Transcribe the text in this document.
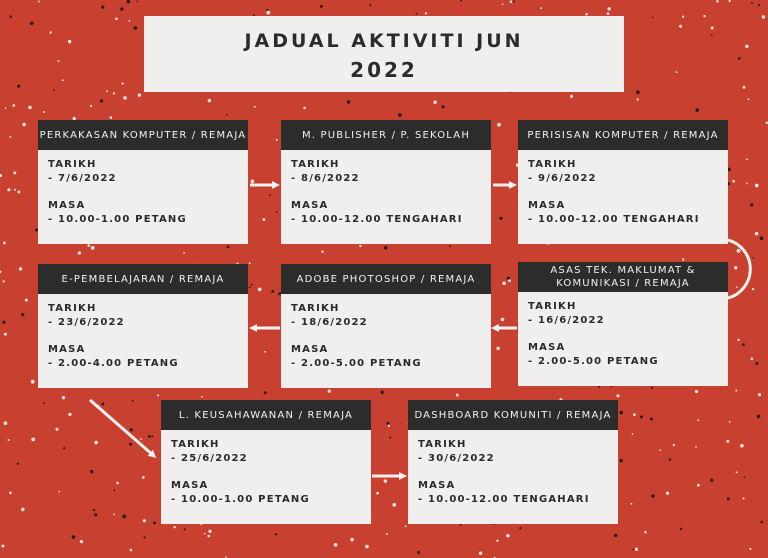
JADUAL AKTIVITI JUN
2022
PERKAKASAN KOMPUTER / REMAJA
TARIKH
- 7/6/2022
MASA
- 10.00-1.00 PETANG
M. PUBLISHER / P. SEKOLAH
TARIKH
- 8/6/2022
MASA
- 10.00-12.00 TENGAHARI
PERISISAN KOMPUTER / REMAJA
TARIKH
- 9/6/2022
MASA
- 10.00-12.00 TENGAHARI
ASAS TEK. MAKLUMAT & KOMUNIKASI / REMAJA
TARIKH
- 16/6/2022
MASA
- 2.00-5.00 PETANG
ADOBE PHOTOSHOP / REMAJA
TARIKH
- 18/6/2022
MASA
- 2.00-5.00 PETANG
E-PEMBELAJARAN / REMAJA
TARIKH
- 23/6/2022
MASA
- 2.00-4.00 PETANG
L. KEUSAHAWANAN / REMAJA
TARIKH
- 25/6/2022
MASA
- 10.00-1.00 PETANG
DASHBOARD KOMUNITI / REMAJA
TARIKH
- 30/6/2022
MASA
- 10.00-12.00 TENGAHARI
